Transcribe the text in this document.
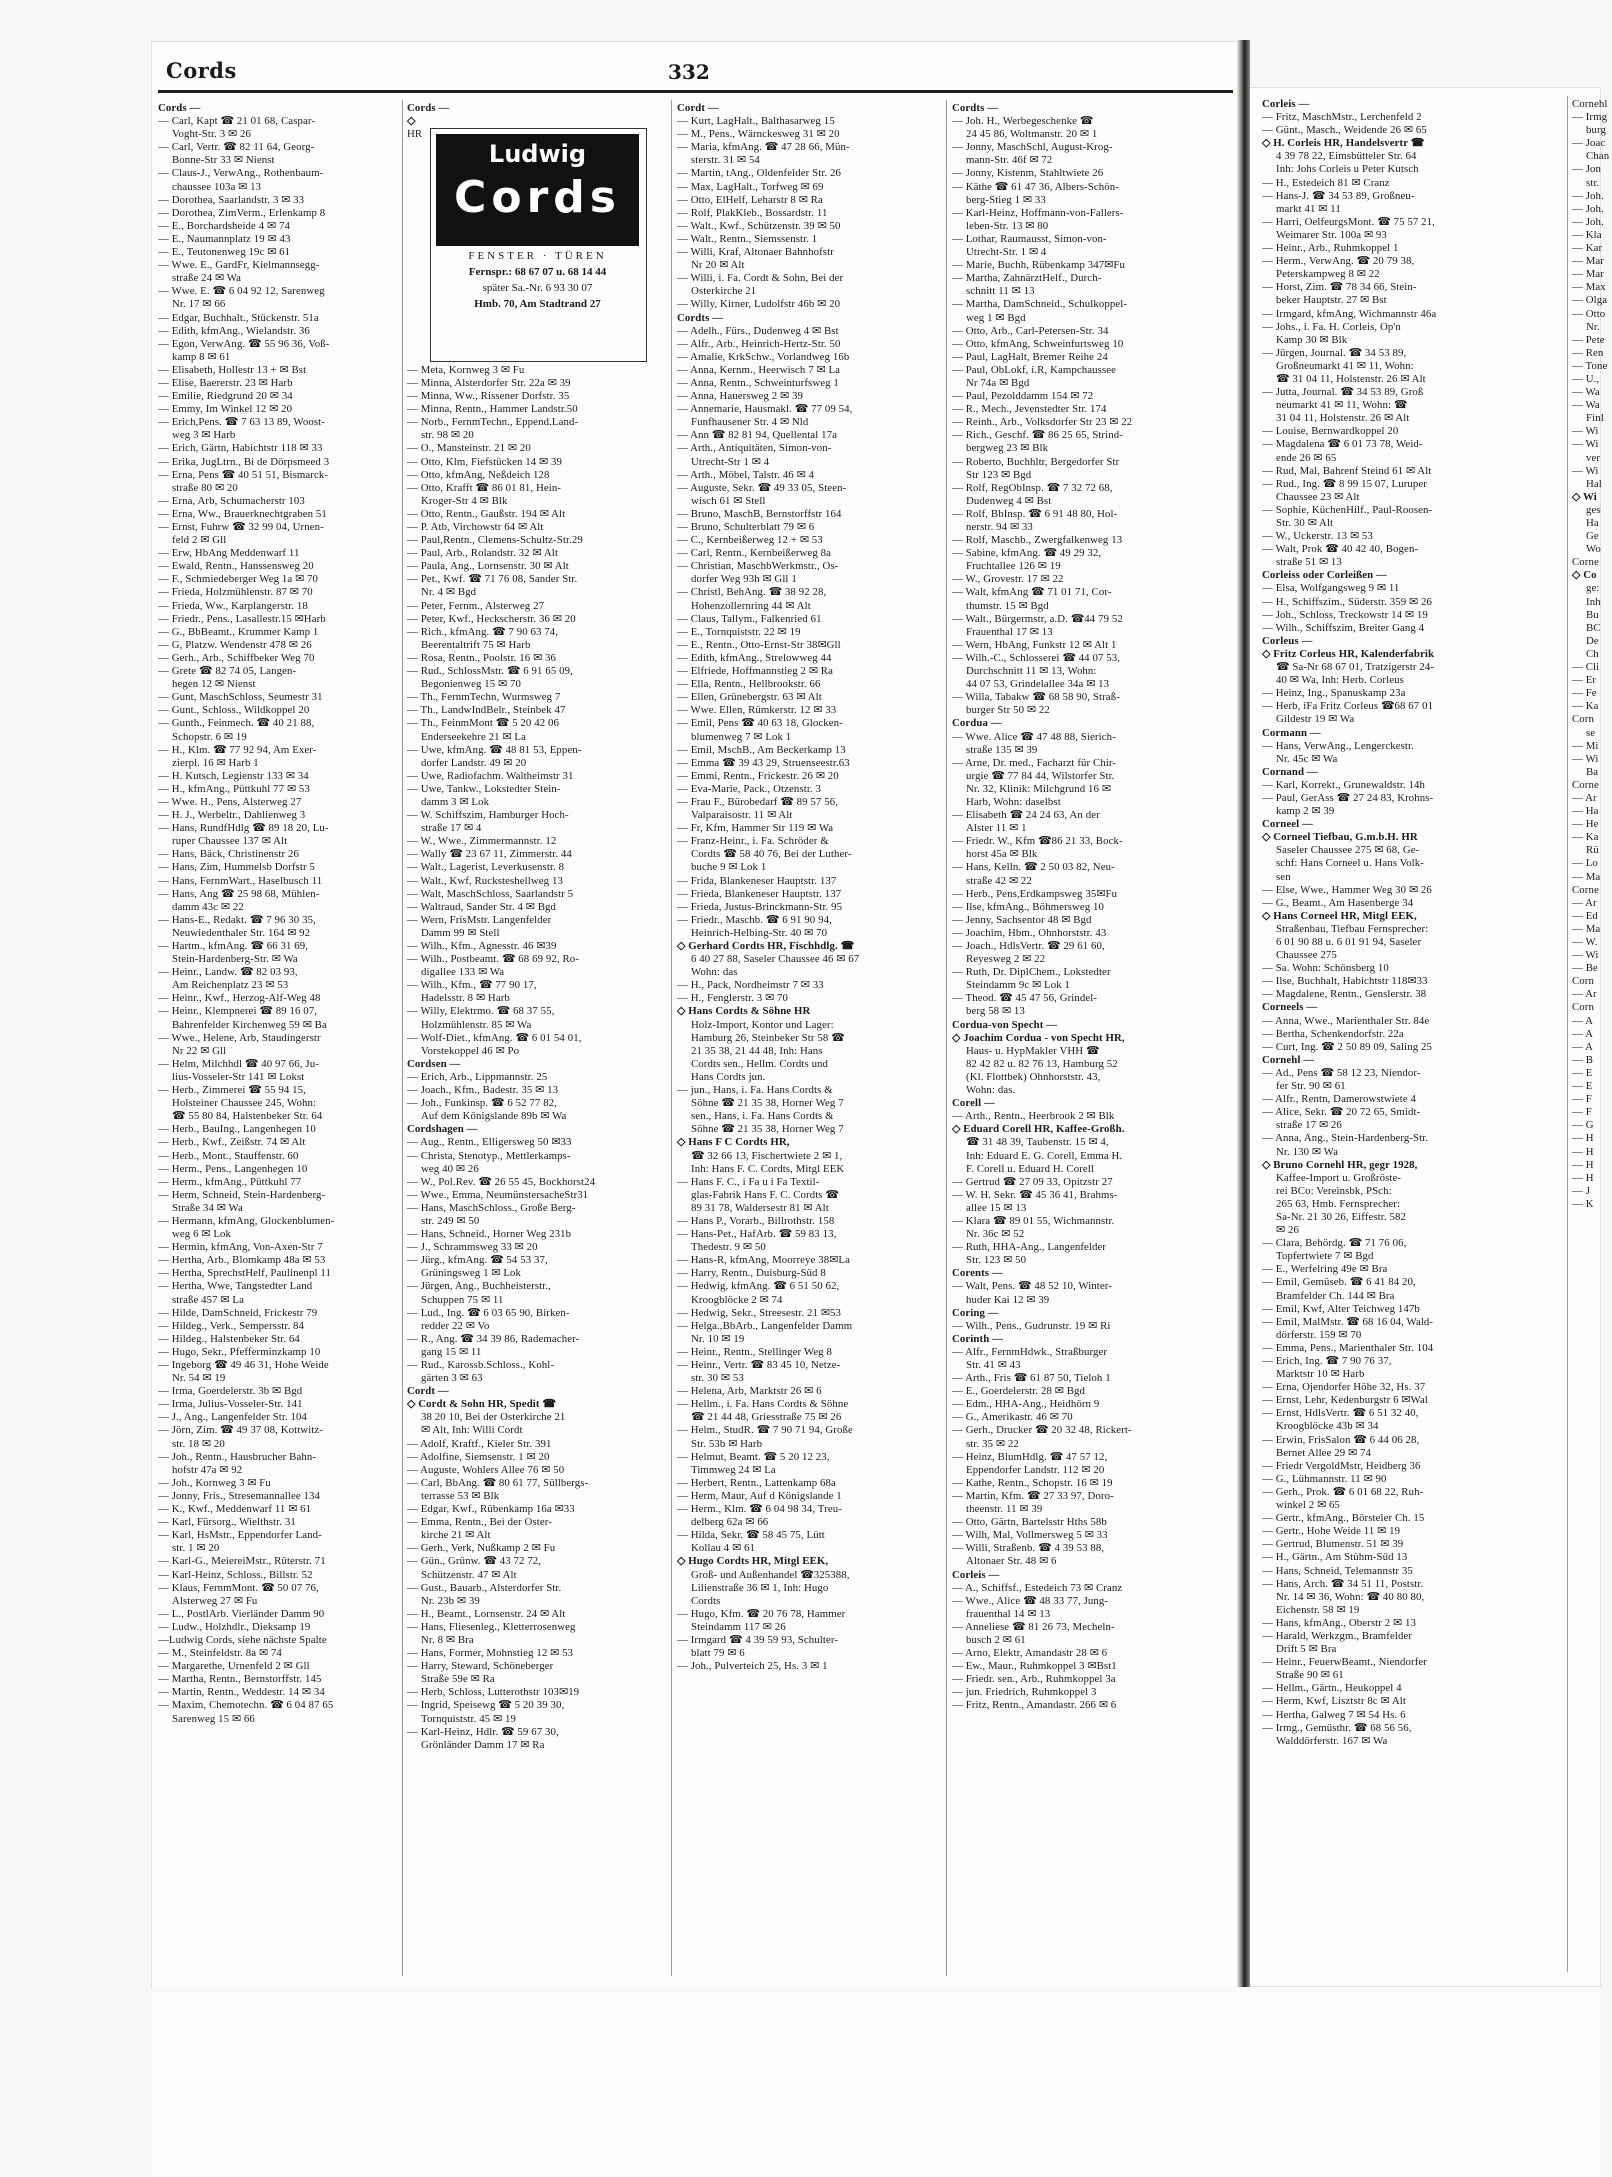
Cords	332
Cords —
— Carl, Kapt ☎ 21 01 68, Caspar-
Voght-Str. 3 ✉ 26
— Carl, Vertr. ☎ 82 11 64, Georg-
Bonne-Str 33 ✉ Nienst
— Claus-J., VerwAng., Rothenbaum-
chaussee 103a ✉ 13
— Dorothea, Saarlandstr. 3 ✉ 33
— Dorothea, ZimVerm., Erlenkamp 8
— E., Borchardsheide 4 ✉ 74
— E., Naumannplatz 19 ✉ 43
— E., Teutonenweg 19c ✉ 61
— Wwe. E., GardFr, Kielmannsegg-
straße 24 ✉ Wa
— Wwe. E. ☎ 6 04 92 12, Sarenweg
Nr. 17 ✉ 66
— Edgar, Buchhalt., Stückenstr. 51a
— Edith, kfmAng., Wielandstr. 36
— Egon, VerwAng. ☎ 55 96 36, Voß-
kamp 8 ✉ 61
— Elisabeth, Hollestr 13 + ✉ Bst
— Elise, Baererstr. 23 ✉ Harb
— Emilie, Riedgrund 20 ✉ 34
— Emmy, Im Winkel 12 ✉ 20
— Erich,Pens. ☎ 7 63 13 89, Woost-
weg 3 ✉ Harb
— Erich, Gärtn, Habichtstr 118 ✉ 33
— Erika, JugLtrn., Bi de Dörpsmeed 3
— Erna, Pens ☎ 40 51 51, Bismarck-
straße 80 ✉ 20
— Erna, Arb, Schumacherstr 103
— Erna, Ww., Brauerknechtgraben 51
— Ernst, Fuhrw ☎ 32 99 04, Urnen-
feld 2 ✉ Gll
— Erw, HbAng Meddenwarf 11
— Ewald, Rentn., Hanssensweg 20
— F., Schmiedeberger Weg 1a ✉ 70
— Frieda, Holzmühlenstr. 87 ✉ 70
— Frieda, Ww., Karplangerstr. 18
— Friedr., Pens., Lasallestr.15 ✉Harb
— G., BbBeamt., Krummer Kamp 1
— G, Platzw. Wendenstr 478 ✉ 26
— Gerh., Arb., Schiffbeker Weg 70
— Grete ☎ 82 74 05, Langen-
hegen 12 ✉ Nienst
— Gunt, MaschSchloss, Seumestr 31
— Gunt., Schloss., Wildkoppel 20
— Gunth., Feinmech. ☎ 40 21 88,
Schopstr. 6 ✉ 19
— H., Klm. ☎ 77 92 94, Am Exer-
zierpl. 16 ✉ Harb 1
— H. Kutsch, Legienstr 133 ✉ 34
— H., kfmAng., Püttkuhl 77 ✉ 53
— Wwe. H., Pens, Alsterweg 27
— H. J., Werbeltr., Dahlienweg 3
— Hans, RundfHdlg ☎ 89 18 20, Lu-
ruper Chaussee 137 ✉ Alt
— Hans, Bäck, Christinenstr 26
— Hans, Zim, Hummelsb Dorfstr 5
— Hans, FernmWart., Haselbusch 11
— Hans, Ang ☎ 25 98 68, Mühlen-
damm 43c ✉ 22
— Hans-E., Redakt. ☎ 7 96 30 35,
Neuwiedenthaler Str. 164 ✉ 92
— Hartm., kfmAng. ☎ 66 31 69,
Stein-Hardenberg-Str. ✉ Wa
— Heinr., Landw. ☎ 82 03 93,
Am Reichenplatz 23 ✉ 53
— Heinr., Kwf., Herzog-Alf-Weg 48
— Heinr., Klempnerei ☎ 89 16 07,
Bahrenfelder Kirchenweg 59 ✉ Ba
— Wwe., Helene, Arb, Staudingerstr
Nr 22 ✉ Gll
— Helm, Milchhdl ☎ 40 97 66, Ju-
lius-Vosseler-Str 141 ✉ Lokst
— Herb., Zimmerei ☎ 55 94 15,
Holsteiner Chaussee 245, Wohn:
☎ 55 80 84, Halstenbeker Str. 64
— Herb., BauIng., Langenhegen 10
— Herb., Kwf., Zeißstr. 74 ✉ Alt
— Herb., Mont., Stauffenstr. 60
— Herm., Pens., Langenhegen 10
— Herm., kfmAng., Püttkuhl 77
— Herm, Schneid, Stein-Hardenberg-
Straße 34 ✉ Wa
— Hermann, kfmAng, Glockenblumen-
weg 6 ✉ Lok
— Hermin, kfmAng, Von-Axen-Str 7
— Hertha, Arb., Blomkamp 48a ✉ 53
— Hertha, SprechstHelf, Paulinenpl 11
— Hertha, Wwe, Tangstedter Land
straße 457 ✉ La
— Hilde, DamSchneid, Frickestr 79
— Hildeg., Verk., Sempersstr. 84
— Hildeg., Halstenbeker Str. 64
— Hugo, Sekr., Pfefferminzkamp 10
— Ingeborg ☎ 49 46 31, Hohe Weide
Nr. 54 ✉ 19
— Irma, Goerdelerstr. 3b ✉ Bgd
— Irma, Julius-Vosseler-Str. 141
— J., Ang., Langenfelder Str. 104
— Jörn, Zim. ☎ 49 37 08, Kottwitz-
str. 18 ✉ 20
— Joh., Rentn., Hausbrucher Bahn-
hofstr 47a ✉ 92
— Joh., Kornweg 3 ✉ Fu
— Jonny, Fris., Stresemannallee 134
— K., Kwf., Meddenwarf 11 ✉ 61
— Karl, Fürsorg., Wielthstr. 31
— Karl, HsMstr., Eppendorfer Land-
str. 1 ✉ 20
— Karl-G., MeiereiMstr., Rüterstr. 71
— Karl-Heinz, Schloss., Billstr. 52
— Klaus, FernmMont. ☎ 50 07 76,
Alsterweg 27 ✉ Fu
— L., PostlArb. Vierländer Damm 90
— Ludw., Holzhdlr., Dieksamp 19
—Ludwig Cords, siehe nächste Spalte
— M., Steinfeldstr. 8a ✉ 74
— Margarethe, Urnenfeld 2 ✉ Gll
— Martha, Rentn., Bernstorffstr. 145
— Martin, Rentn., Weddestr. 14 ✉ 34
— Maxim, Chemotechn. ☎ 6 04 87 65
Sarenweg 15 ✉ 66
Cords —
◇
HR

— Meta, Kornweg 3 ✉ Fu
— Minna, Alsterdorfer Str. 22a ✉ 39
— Minna, Ww., Rissener Dorfstr. 35
— Minna, Rentn., Hammer Landstr.50
— Norb., FernmTechn., Eppend.Land-
str. 98 ✉ 20
— O., Mansteinstr. 21 ✉ 20
— Otto, Klm, Fiefstücken 14 ✉ 39
— Otto, kfmAng, Neßdeich 128
— Otto, Krafft ☎ 86 01 81, Hein-
Kroger-Str 4 ✉ Blk
— Otto, Rentn., Gaußstr. 194 ✉ Alt
— P. Atb, Virchowstr 64 ✉ Alt
— Paul,Rentn., Clemens-Schultz-Str.29
— Paul, Arb., Rolandstr. 32 ✉ Alt
— Paula, Ang., Lornsenstr. 30 ✉ Alt
— Pet., Kwf. ☎ 71 76 08, Sander Str.
Nr. 4 ✉ Bgd
— Peter, Fernm., Alsterweg 27
— Peter, Kwf., Heckscherstr. 36 ✉ 20
— Rich., kfmAng. ☎ 7 90 63 74,
Beerentaltrift 75 ✉ Harb
— Rosa, Rentn., Poolstr. 16 ✉ 36
— Rud., SchlossMstr. ☎ 6 91 65 09,
Begonienweg 15 ✉ 70
— Th., FernmTechn, Wurmsweg 7
— Th., LandwIndBelr., Steinbek 47
— Th., FeinmMont ☎ 5 20 42 06
Enderseekehre 21 ✉ La
— Uwe, kfmAng. ☎ 48 81 53, Eppen-
dorfer Landstr. 49 ✉ 20
— Uwe, Radiofachm. Waltheimstr 31
— Uwe, Tankw., Lokstedter Stein-
damm 3 ✉ Lok
— W. Schiffszim, Hamburger Hoch-
straße 17 ✉ 4
— W., Wwe., Zimmermannstr. 12
— Wally ☎ 23 67 11, Zimmerstr. 44
— Walt., Lagerist, Leverkusenstr. 8
— Walt., Kwf, Rucksteshellweg 13
— Walt, MaschSchloss, Saarlandstr 5
— Waltraud, Sander Str. 4 ✉ Bgd
— Wern, FrisMstr. Langenfelder
Damm 99 ✉ Stell
— Wilh., Kfm., Agnesstr. 46 ✉39
— Wilh., Postbeamt. ☎ 68 69 92, Ro-
digallee 133 ✉ Wa
— Wilh., Kfm., ☎ 77 90 17,
Hadelsstr. 8 ✉ Harb
— Willy, Elektrmo. ☎ 68 37 55,
Holzmühlenstr. 85 ✉ Wa
— Wolf-Diet., kfmAng. ☎ 6 01 54 01,
Vorstekoppel 46 ✉ Po
Cordsen —
— Erich, Arb., Lippmannstr. 25
— Joach., Kfm., Badestr. 35 ✉ 13
— Joh., Funkinsp. ☎ 6 52 77 82,
Auf dem Königslande 89b ✉ Wa
Cordshagen —
— Aug., Rentn., Elligersweg 50 ✉33
— Christa, Stenotyp., Mettlerkamps-
weg 40 ✉ 26
— W., Pol.Rev. ☎ 26 55 45, Bockhorst24
— Wwe., Emma, NeumünstersacheStr31
— Hans, MaschSchloss., Große Berg-
str. 249 ✉ 50
— Hans, Schneid., Horner Weg 231b
— J., Schrammsweg 33 ✉ 20
— Jürg., kfmAng. ☎ 54 53 37,
Grüningsweg 1 ✉ Lok
— Jürgen, Ang., Buchheisterstr.,
Schuppen 75 ✉ 11
— Lud., Ing. ☎ 6 03 65 90, Birken-
redder 22 ✉ Vo
— R., Ang. ☎ 34 39 86, Rademacher-
gang 15 ✉ 11
— Rud., Karossb.Schloss., Kohl-
gärten 3 ✉ 63
Cordt —
◇ Cordt & Sohn HR, Spedit ☎
38 20 10, Bei der Osterkirche 21
✉ Alt, Inh: Willi Cordt
— Adolf, Kraftf., Kieler Str. 391
— Adolfine, Siemsenstr. 1 ✉ 20
— Auguste, Wohlers Allee 76 ✉ 50
— Carl, BbAng. ☎ 80 61 77, Süllbergs-
terrasse 53 ✉ Blk
— Edgar, Kwf., Rübenkamp 16a ✉33
— Emma, Rentn., Bei der Oster-
kirche 21 ✉ Alt
— Gerh., Verk, Nußkamp 2 ✉ Fu
— Gün., Grünw. ☎ 43 72 72,
Schützenstr. 47 ✉ Alt
— Gust., Bauarb., Alsterdorfer Str.
Nr. 23b ✉ 39
— H., Beamt., Lornsenstr. 24 ✉ Alt
— Hans, Fliesenleg., Kletterrosenweg
Nr. 8 ✉ Bra
— Hans, Former, Mohnstieg 12 ✉ 53
— Harry, Steward, Schöneberger
Straße 59e ✉ Ra
— Herb, Schloss, Lutterothstr 103✉19
— Ingrid, Speisewg ☎ 5 20 39 30,
Tornquiststr. 45 ✉ 19
— Karl-Heinz, Hdlr. ☎ 59 67 30,
Grönländer Damm 17 ✉ Ra
Cordt —
— Kurt, LagHalt., Balthasarweg 15
— M., Pens., Wärnckesweg 31 ✉ 20
— Maria, kfmAng. ☎ 47 28 66, Mün-
sterstr. 31 ✉ 54
— Martin, tAng., Oldenfelder Str. 26
— Max, LagHalt., Torfweg ✉ 69
— Otto, ElHelf, Leharstr 8 ✉ Ra
— Rolf, PlakKleb., Bossardstr. 11
— Walt., Kwf., Schützenstr. 39 ✉ 50
— Walt., Rentn., Siemssenstr. 1
— Willi, Kraf, Altonaer Bahnhofstr
Nr 20 ✉ Alt
— Willi, i. Fa. Cordt & Sohn, Bei der
Osterkirche 21
— Willy, Kirner, Ludolfstr 46b ✉ 20
Cordts —
— Adelh., Fürs., Dudenweg 4 ✉ Bst
— Alfr., Arb., Heinrich-Hertz-Str. 50
— Amalie, KrkSchw., Vorlandweg 16b
— Anna, Kernm., Heerwisch 7 ✉ La
— Anna, Rentn., Schweinturfsweg 1
— Anna, Hauersweg 2 ✉ 39
— Annemarie, Hausmakl. ☎ 77 09 54,
Funfhausener Str. 4 ✉ Nld
— Ann ☎ 82 81 94, Quellental 17a
— Arth., Antiquitäten, Simon-von-
Utrecht-Str 1 ✉ 4
— Arth., Möbel, Talstr. 46 ✉ 4
— Auguste, Sekr. ☎ 49 33 05, Steen-
wisch 61 ✉ Stell
— Bruno, MaschB, Bernstorffstr 164
— Bruno, Schulterblatt 79 ✉ 6
— C., Kernbeißerweg 12 + ✉ 53
— Carl, Rentn., Kernbeißerweg 8a
— Christian, MaschbWerkmstr., Os-
dorfer Weg 93h ✉ Gll 1
— Christl, BehAng. ☎ 38 92 28,
Hohenzollernring 44 ✉ Alt
— Claus, Tallym., Falkenried 61
— E., Tornquiststr. 22 ✉ 19
— E., Rentn., Otto-Ernst-Str 38✉Gll
— Edith, kfmAng., Strelowweg 44
— Elfriede, Hoffmannstieg 2 ✉ Ra
— Ella, Rentn., Hellbrookstr. 66
— Ellen, Grünebergstr. 63 ✉ Alt
— Wwe. Ellen, Rümkerstr. 12 ✉ 33
— Emil, Pens ☎ 40 63 18, Glocken-
blumenweg 7 ✉ Lok 1
— Emil, MschB., Am Beckerkamp 13
— Emma ☎ 39 43 29, Struenseestr.63
— Emmi, Rentn., Frickestr. 26 ✉ 20
— Eva-Marie, Pack., Otzenstr. 3
— Frau F., Bürobedarf ☎ 89 57 56,
Valparaisostr. 11 ✉ Alt
— Fr, Kfm, Hammer Str 119 ✉ Wa
— Franz-Heinr., i. Fa. Schröder &
Cordts ☎ 58 40 76, Bei der Luther-
buche 9 ✉ Lok 1
— Frida, Blankeneser Hauptstr. 137
— Frieda, Blankeneser Hauptstr. 137
— Frieda, Justus-Brinckmann-Str. 95
— Friedr., Maschb. ☎ 6 91 90 94,
Heinrich-Helbing-Str. 40 ✉ 70
◇ Gerhard Cordts HR, Fischhdlg. ☎
6 40 27 88, Saseler Chaussee 46 ✉ 67
Wohn: das
— H., Pack, Nordheimstr 7 ✉ 33
— H., Fenglerstr. 3 ✉ 70
◇ Hans Cordts & Söhne HR
Holz-Import, Kontor und Lager:
Hamburg 26, Steinbeker Str 58 ☎
21 35 38, 21 44 48, Inh: Hans
Cordts sen., Hellm. Cordts und
Hans Cordts jun.
— jun., Hans, i. Fa. Hans Cordts &
Söhne ☎ 21 35 38, Horner Weg 7
sen., Hans, i. Fa. Hans Cordts &
Söhne ☎ 21 35 38, Horner Weg 7
◇ Hans F C Cordts HR,
☎ 32 66 13, Fischertwiete 2 ✉ 1,
Inh: Hans F. C. Cordts, Mitgl EEK
— Hans F. C., i Fa u i Fa Textil-
glas-Fabrik Hans F. C. Cordts ☎
89 31 78, Waldersestr 81 ✉ Alt
— Hans P., Vorarb., Billrothstr. 158
— Hans-Pet., HafArb. ☎ 59 83 13,
Thedestr. 9 ✉ 50
— Hans-R, kfmAng, Moorreye 38✉La
— Harry, Rentn., Duisburg-Süd 8
— Hedwig, kfmAng. ☎ 6 51 50 62,
Kroogblöcke 2 ✉ 74
— Hedwig, Sekr., Streesestr. 21 ✉53
— Helga.,BbArb., Langenfelder Damm
Nr. 10 ✉ 19
— Heinr., Rentn., Stellinger Weg 8
— Heinr., Vertr. ☎ 83 45 10, Netze-
str. 30 ✉ 53
— Helena, Arb, Marktstr 26 ✉ 6
— Hellm., i. Fa. Hans Cordts & Söhne
☎ 21 44 48, Griesstraße 75 ✉ 26
— Helm., StudR. ☎ 7 90 71 94, Große
Str. 53b ✉ Harb
— Helmut, Beamt. ☎ 5 20 12 23,
Timmweg 24 ✉ La
— Herbert, Rentn., Lattenkamp 68a
— Herm, Maur, Auf d Königslande 1
— Herm., Klm. ☎ 6 04 98 34, Treu-
delberg 62a ✉ 66
— Hilda, Sekr. ☎ 58 45 75, Lütt
Kollau 4 ✉ 61
◇ Hugo Cordts HR, Mitgl EEK,
Groß- und Außenhandel ☎325388,
Lilienstraße 36 ✉ 1, Inh: Hugo
Cordts
— Hugo, Kfm. ☎ 20 76 78, Hammer
Steindamm 117 ✉ 26
— Irmgard ☎ 4 39 59 93, Schulter-
blatt 79 ✉ 6
— Joh., Pulverteich 25, Hs. 3 ✉ 1
Cordts —
— Joh. H., Werbegeschenke ☎
24 45 86, Woltmanstr. 20 ✉ 1
— Jonny, MaschSchl, August-Krog-
mann-Str. 46f ✉ 72
— Jonny, Kistenm, Stahltwiete 26
— Käthe ☎ 61 47 36, Albers-Schön-
berg-Stieg 1 ✉ 33
— Karl-Heinz, Hoffmann-von-Fallers-
leben-Str. 13 ✉ 80
— Lothar, Raumausst, Simon-von-
Utrecht-Str. 1 ✉ 4
— Marie, Buchh, Rübenkamp 347✉Fu
— Martha, ZahnärztHelf., Durch-
schnitt 11 ✉ 13
— Martha, DamSchneid., Schulkoppel-
weg 1 ✉ Bgd
— Otto, Arb., Carl-Petersen-Str. 34
— Otto, kfmAng, Schweinfurtsweg 10
— Paul, LagHalt, Bremer Reihe 24
— Paul, ObLokf, i.R, Kampchaussee
Nr 74a ✉ Bgd
— Paul, Pezolddamm 154 ✉ 72
— R., Mech., Jevenstedter Str. 174
— Reinh., Arb., Volksdorfer Str 23 ✉ 22
— Rich., Geschf. ☎ 86 25 65, Strind-
bergweg 23 ✉ Blk
— Roberto, Buchhltr, Bergedorfer Str
Str 123 ✉ Bgd
— Rolf, RegObInsp. ☎ 7 32 72 68,
Dudenweg 4 ✉ Bst
— Rolf, BbInsp. ☎ 6 91 48 80, Hol-
nerstr. 94 ✉ 33
— Rolf, Maschb., Zwergfalkenweg 13
— Sabine, kfmAng. ☎ 49 29 32,
Fruchtallee 126 ✉ 19
— W., Grovestr. 17 ✉ 22
— Walt, kfmAng ☎ 71 01 71, Cor-
thumstr. 15 ✉ Bgd
— Walt., Bürgermstr, a.D. ☎44 79 52
Frauenthal 17 ✉ 13
— Wern, HbAng, Funkstr 12 ✉ Alt 1
— Wilh.-C., Schlosserei ☎ 44 07 53,
Durchschnitt 11 ✉ 13, Wohn:
44 07 53, Grindelallee 34a ✉ 13
— Willa, Tabakw ☎ 68 58 90, Straß-
burger Str 50 ✉ 22
Cordua —
— Wwe. Alice ☎ 47 48 88, Sierich-
straße 135 ✉ 39
— Arne, Dr. med., Facharzt für Chir-
urgie ☎ 77 84 44, Wilstorfer Str.
Nr. 32, Klinik: Milchgrund 16 ✉
Harb, Wohn: daselbst
— Elisabeth ☎ 24 24 63, An der
Alster 11 ✉ 1
— Friedr. W., Kfm ☎86 21 33, Bock-
horst 45a ✉ Blk
— Hans, Kelln. ☎ 2 50 03 82, Neu-
straße 42 ✉ 22
— Herb., Pens,Erdkampsweg 35✉Fu
— Ilse, kfmAng., Böhmersweg 10
— Jenny, Sachsentor 48 ✉ Bgd
— Joachim, Hbm., Ohnhorststr. 43
— Joach., HdlsVertr. ☎ 29 61 60,
Reyesweg 2 ✉ 22
— Ruth, Dr. DiplChem., Lokstedter
Steindamm 9c ✉ Lok 1
— Theod. ☎ 45 47 56, Grindel-
berg 58 ✉ 13
Cordua-von Specht —
◇ Joachim Cordua - von Specht HR,
Haus- u. HypMakler VHH ☎
82 42 82 u. 82 76 13, Hamburg 52
(Kl. Flottbek) Ohnhorststr. 43,
Wohn: das.
Corell —
— Arth., Rentn., Heerbrook 2 ✉ Blk
◇ Eduard Corell HR, Kaffee-Großh.
☎ 31 48 39, Taubenstr. 15 ✉ 4,
Inh: Eduard E. G. Corell, Emma H.
F. Corell u. Eduard H. Corell
— Gertrud ☎ 27 09 33, Opitzstr 27
— W. H. Sekr. ☎ 45 36 41, Brahms-
allee 15 ✉ 13
— Klara ☎ 89 01 55, Wichmannstr.
Nr. 36c ✉ 52
— Ruth, HHA-Ang., Langenfelder
Str. 123 ✉ 50
Corents —
— Walt, Pens. ☎ 48 52 10, Winter-
huder Kai 12 ✉ 39
Coring —
— Wilh., Pens., Gudrunstr. 19 ✉ Ri
Corinth —
— Alfr., FernmHdwk., Straßburger
Str. 41 ✉ 43
— Arth., Fris ☎ 61 87 50, Tieloh 1
— E., Goerdelerstr. 28 ✉ Bgd
— Edm., HHA-Ang., Heidhörn 9
— G., Amerikastr. 46 ✉ 70
— Gerh., Drucker ☎ 20 32 48, Rickert-
str. 35 ✉ 22
— Heinz, BlumHdlg. ☎ 47 57 12,
Eppendorfer Landstr. 112 ✉ 20
— Kathe, Rentn., Schopstr. 16 ✉ 19
— Martin, Kfm. ☎ 27 33 97, Doro-
theenstr. 11 ✉ 39
— Otto, Gärtn, Bartelsstr Hths 58b
— Wilh, Mal, Vollmersweg 5 ✉ 33
— Willi, Straßenb. ☎ 4 39 53 88,
Altonaer Str. 48 ✉ 6
Corleis —
— A., Schiffsf., Estedeich 73 ✉ Cranz
— Wwe., Alice ☎ 48 33 77, Jung-
frauenthal 14 ✉ 13
— Anneliese ☎ 81 26 73, Mecheln-
busch 2 ✉ 61
— Arno, Elektr, Amandastr 28 ✉ 6
— Ew., Maur., Ruhmkoppel 3 ✉Bst1
— Friedr. sen., Arb., Ruhmkoppel 3a
— jun. Friedrich, Ruhmkoppel 3
— Fritz, Rentn., Amandastr. 266 ✉ 6
Corleis —
— Fritz, MaschMstr., Lerchenfeld 2
— Günt., Masch., Weidende 26 ✉ 65
◇ H. Corleis HR, Handelsvertr ☎
4 39 78 22, Eimsbütteler Str. 64
Inh: Johs Corleis u Peter Kutsch
— H., Estedeich 81 ✉ Cranz
— Hans-J. ☎ 34 53 89, Großneu-
markt 41 ✉ 11
— Harri, OelfeurgsMont. ☎ 75 57 21,
Weimarer Str. 100a ✉ 93
— Heinr., Arb., Ruhmkoppel 1
— Herm., VerwAng. ☎ 20 79 38,
Peterskampweg 8 ✉ 22
— Horst, Zim. ☎ 78 34 66, Stein-
beker Hauptstr. 27 ✉ Bst
— Irmgard, kfmAng, Wichmannstr 46a
— Johs., i. Fa. H. Corleis, Op'n
Kamp 30 ✉ Blk
— Jürgen, Journal. ☎ 34 53 89,
Großneumarkt 41 ✉ 11, Wohn:
☎ 31 04 11, Holstenstr. 26 ✉ Alt
— Jutta, Journal. ☎ 34 53 89, Groß
neumarkt 41 ✉ 11, Wohn: ☎
31 04 11, Holstenstr. 26 ✉ Alt
— Louise, Bernwardkoppel 20
— Magdalena ☎ 6 01 73 78, Weid-
ende 26 ✉ 65
— Rud, Mal, Bahrenf Steind 61 ✉ Alt
— Rud., Ing. ☎ 8 99 15 07, Luruper
Chaussee 23 ✉ Alt
— Sophie, KüchenHilf., Paul-Roosen-
Str. 30 ✉ Alt
— W., Uckerstr. 13 ✉ 53
— Walt, Prok ☎ 40 42 40, Bogen-
straße 51 ✉ 13
Corleiss oder Corleißen —
— Elsa, Wolfgangsweg 9 ✉ 11
— H., Schiffszim., Süderstr. 359 ✉ 26
— Joh., Schloss, Treckowstr 14 ✉ 19
— Wilh., Schiffszim, Breiter Gang 4
Corleus —
◇ Fritz Corleus HR, Kalenderfabrik
☎ Sa-Nr 68 67 01, Tratzigerstr 24-
40 ✉ Wa, Inh: Herb. Corleus
— Heinz, Ing., Spanuskamp 23a
— Herb, iFa Fritz Corleus ☎68 67 01
Gildestr 19 ✉ Wa
Cormann —
— Hans, VerwAng., Lengerckestr.
Nr. 45c ✉ Wa
Cornand —
— Karl, Korrekt., Grunewaldstr. 14h
— Paul, GerAss ☎ 27 24 83, Krohns-
kamp 2 ✉ 39
Corneel —
◇ Corneel Tiefbau, G.m.b.H. HR
Saseler Chaussee 275 ✉ 68, Ge-
schf: Hans Corneel u. Hans Volk-
sen
— Else, Wwe., Hammer Weg 30 ✉ 26
— G., Beamt., Am Hasenberge 34
◇ Hans Corneel HR, Mitgl EEK,
Straßenbau, Tiefbau Fernsprecher:
6 01 90 88 u. 6 01 91 94, Saseler
Chaussee 275
— Sa. Wohn: Schönsberg 10
— Ilse, Buchhalt, Habichtstr 118✉33
— Magdalene, Rentn., Genslerstr. 38
Corneels —
— Anna, Wwe., Marienthaler Str. 84e
— Bertha, Schenkendorfstr. 22a
— Curt, Ing. ☎ 2 50 89 09, Saling 25
Cornehl —
— Ad., Pens ☎ 58 12 23, Niendor-
fer Str. 90 ✉ 61
— Alfr., Rentn, Damerowstwiete 4
— Alice, Sekr. ☎ 20 72 65, Smidt-
straße 17 ✉ 26
— Anna, Ang., Stein-Hardenberg-Str.
Nr. 130 ✉ Wa
◇ Bruno Cornehl HR, gegr 1928,
Kaffee-Import u. Großröste-
rei BCo: Vereinsbk, PSch:
265 63, Hmb. Fernsprecher:
Sa-Nr. 21 30 26, Eiffestr. 582
✉ 26
— Clara, Behördg. ☎ 71 76 06,
Topfertwiete 7 ✉ Bgd
— E., Werfelring 49e ✉ Bra
— Emil, Gemüseb. ☎ 6 41 84 20,
Bramfelder Ch. 144 ✉ Bra
— Emil, Kwf, Alter Teichweg 147b
— Emil, MalMstr. ☎ 68 16 04, Wald-
dörferstr. 159 ✉ 70
— Emma, Pens., Marienthaler Str. 104
— Erich, Ing. ☎ 7 90 76 37,
Marktstr 10 ✉ Harb
— Erna, Ojendorfer Höhe 32, Hs. 37
— Ernst, Lehr, Kedenburgstr 6 ✉Wal
— Ernst, HdlsVertr. ☎ 6 51 32 40,
Kroogblöcke 43b ✉ 34
— Erwin, FrisSalon ☎ 6 44 06 28,
Bernet Allee 29 ✉ 74
— Friedr VergoldMstr, Heidberg 36
— G., Lühmannstr. 11 ✉ 90
— Gerh., Prok. ☎ 6 01 68 22, Ruh-
winkel 2 ✉ 65
— Gertr., kfmAng., Börsteler Ch. 15
— Gertr., Hohe Weide 11 ✉ 19
— Gertrud, Blumenstr. 51 ✉ 39
— H., Gärtn., Am Stühm-Süd 13
— Hans, Schneid, Telemannstr 35
— Hans, Arch. ☎ 34 51 11, Poststr.
Nr. 14 ✉ 36, Wohn: ☎ 40 80 80,
Eichenstr. 58 ✉ 19
— Hans, kfmAng., Oberstr 2 ✉ 13
— Harald, Werkzgm., Bramfelder
Drift 5 ✉ Bra
— Heinr., FeuerwBeamt., Niendorfer
Straße 90 ✉ 61
— Hellm., Gärtn., Heukoppel 4
— Herm, Kwf, Lisztstr 8c ✉ Alt
— Hertha, Galweg 7 ✉ 54 Hs. 6
— Irmg., Gemüsthr. ☎ 68 56 56,
Walddörferstr. 167 ✉ Wa
Cornehl
— Irmg
burg
— Joac
Chan
— Jon
str.
— Joh.
— Joh.
— Joh.
— Kla
— Kar
— Mar
— Mar
— Max
— Olga
— Otto
Nr.
— Pete
— Ren
— Tone
— U.,
— Wa
— Wa
Finl
— Wi
— Wi
ver
— Wi
Hal
◇ Wi
ges
Ha
Ge
Wo
Corne
◇ Co
ge:
Inh
Bu
BC
De
Ch
— Cli
— Er
— Fe
— Ka
Corn
se
— Mi
— Wi
Ba
Corne
— Ar
— Ha
— He
— Ka
Rü
— Lo
— Ma
Corne
— Ar
— Ed
— Ma
— W.
— Wi
— Be
Corn
— Ar
Corn
— A
— A
— A
— B
— E
— E
— F
— F
— G
— H
— H
— H
— H
— J
— K
Ludwig
Cords
FENSTER · TÜREN
Fernspr.: 68 67 07 u. 68 14 44
später Sa.-Nr. 6 93 30 07
Hmb. 70, Am Stadtrand 27
